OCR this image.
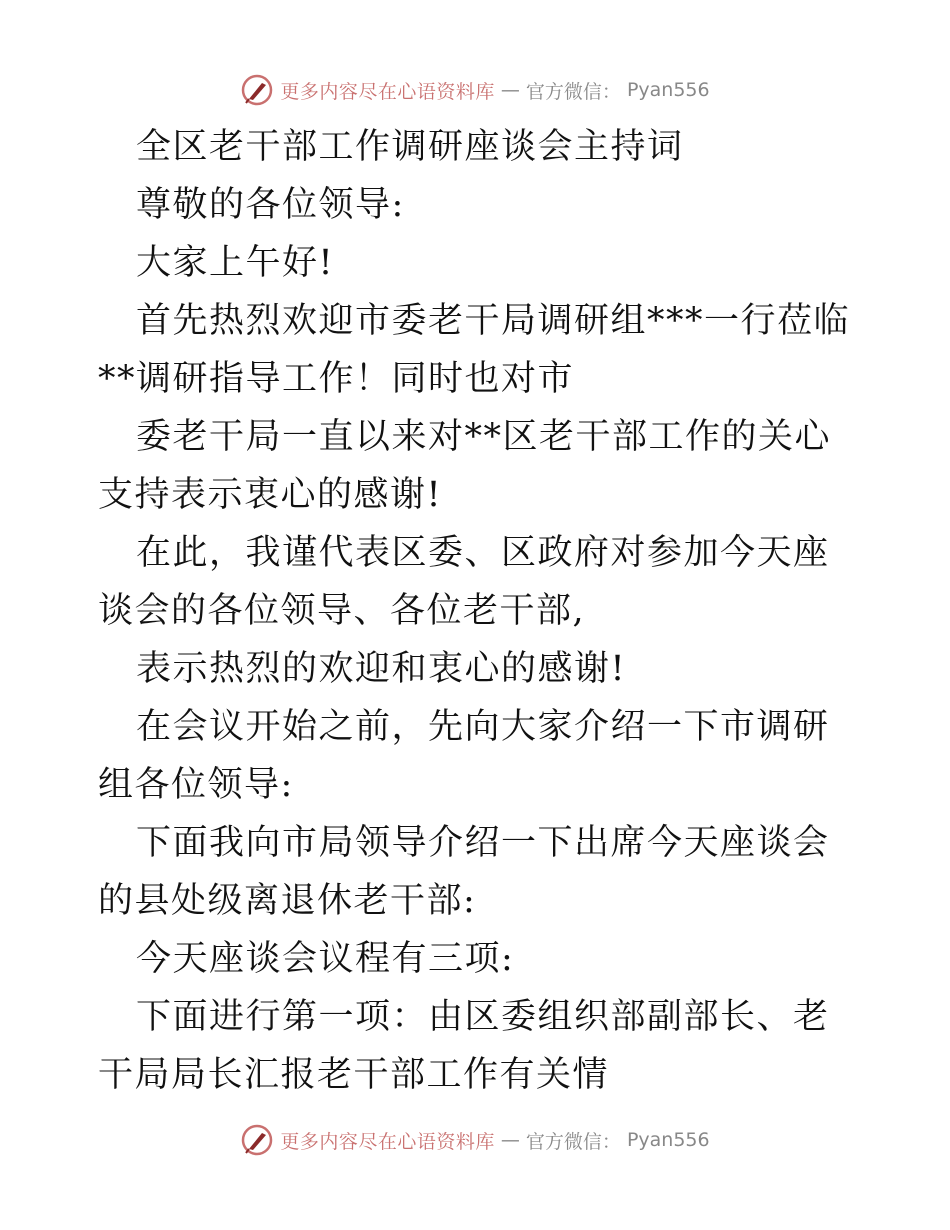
更多内容尽在心语资料库 — 官方微信： Pyan556

全区老干部工作调研座谈会主持词

尊敬的各位领导:

大家上午好!

首先热烈欢迎市委老干局调研组***一行莅临**调研指导工作！同时也对市

委老干局一直以来对**区老干部工作的关心支持表示衷心的感谢!

在此，我谨代表区委、区政府对参加今天座谈会的各位领导、各位老干部,

表示热烈的欢迎和衷心的感谢!

在会议开始之前，先向大家介绍一下市调研组各位领导:

下面我向市局领导介绍一下出席今天座谈会的县处级离退休老干部:

今天座谈会议程有三项:

下面进行第一项：由区委组织部副部长、老干局局长汇报老干部工作有关情

更多内容尽在心语资料库 — 官方微信： Pyan556
